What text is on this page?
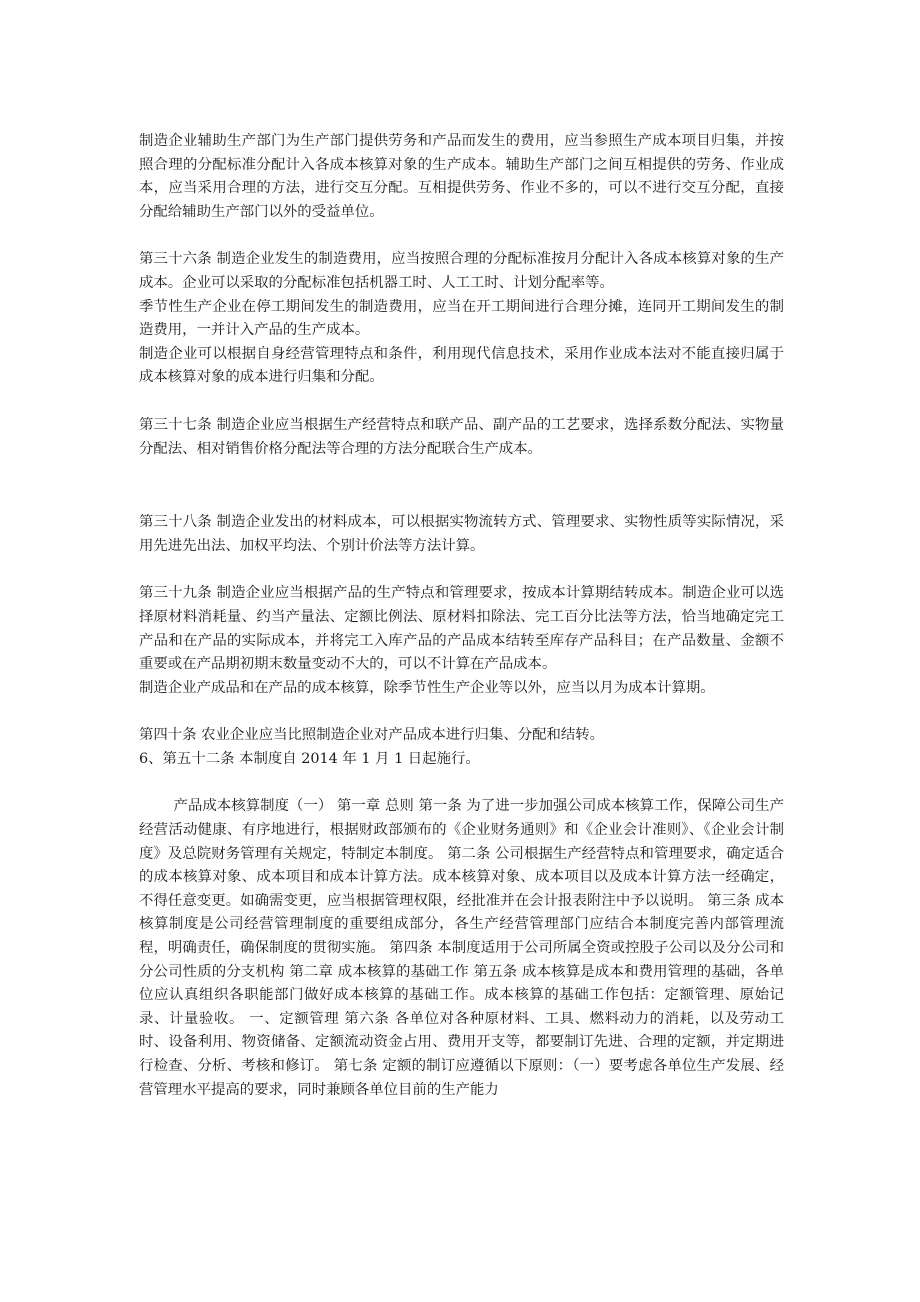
制造企业辅助生产部门为生产部门提供劳务和产品而发生的费用，应当参照生产成本项目归集，并按照合理的分配标准分配计入各成本核算对象的生产成本。辅助生产部门之间互相提供的劳务、作业成本，应当采用合理的方法，进行交互分配。互相提供劳务、作业不多的，可以不进行交互分配，直接分配给辅助生产部门以外的受益单位。

第三十六条 制造企业发生的制造费用，应当按照合理的分配标准按月分配计入各成本核算对象的生产成本。企业可以采取的分配标准包括机器工时、人工工时、计划分配率等。

季节性生产企业在停工期间发生的制造费用，应当在开工期间进行合理分摊，连同开工期间发生的制造费用，一并计入产品的生产成本。

制造企业可以根据自身经营管理特点和条件，利用现代信息技术，采用作业成本法对不能直接归属于成本核算对象的成本进行归集和分配。

第三十七条 制造企业应当根据生产经营特点和联产品、副产品的工艺要求，选择系数分配法、实物量分配法、相对销售价格分配法等合理的方法分配联合生产成本。

第三十八条 制造企业发出的材料成本，可以根据实物流转方式、管理要求、实物性质等实际情况，采用先进先出法、加权平均法、个别计价法等方法计算。

第三十九条 制造企业应当根据产品的生产特点和管理要求，按成本计算期结转成本。制造企业可以选择原材料消耗量、约当产量法、定额比例法、原材料扣除法、完工百分比法等方法，恰当地确定完工产品和在产品的实际成本，并将完工入库产品的产品成本结转至库存产品科目；在产品数量、金额不重要或在产品期初期末数量变动不大的，可以不计算在产品成本。

制造企业产成品和在产品的成本核算，除季节性生产企业等以外，应当以月为成本计算期。

第四十条 农业企业应当比照制造企业对产品成本进行归集、分配和结转。

6、第五十二条 本制度自 2014 年 1 月 1 日起施行。

产品成本核算制度（一） 第一章 总则 第一条 为了进一步加强公司成本核算工作，保障公司生产经营活动健康、有序地进行，根据财政部颁布的《企业财务通则》和《企业会计准则》、《企业会计制度》及总院财务管理有关规定，特制定本制度。 第二条 公司根据生产经营特点和管理要求，确定适合的成本核算对象、成本项目和成本计算方法。成本核算对象、成本项目以及成本计算方法一经确定，不得任意变更。如确需变更，应当根据管理权限，经批准并在会计报表附注中予以说明。 第三条 成本核算制度是公司经营管理制度的重要组成部分，各生产经营管理部门应结合本制度完善内部管理流程，明确责任，确保制度的贯彻实施。 第四条 本制度适用于公司所属全资或控股子公司以及分公司和分公司性质的分支机构 第二章 成本核算的基础工作 第五条 成本核算是成本和费用管理的基础，各单位应认真组织各职能部门做好成本核算的基础工作。成本核算的基础工作包括：定额管理、原始记录、计量验收。 一、定额管理 第六条 各单位对各种原材料、工具、燃料动力的消耗，以及劳动工时、设备利用、物资储备、定额流动资金占用、费用开支等，都要制订先进、合理的定额，并定期进行检查、分析、考核和修订。 第七条 定额的制订应遵循以下原则：（一）要考虑各单位生产发展、经营管理水平提高的要求，同时兼顾各单位目前的生产能力
